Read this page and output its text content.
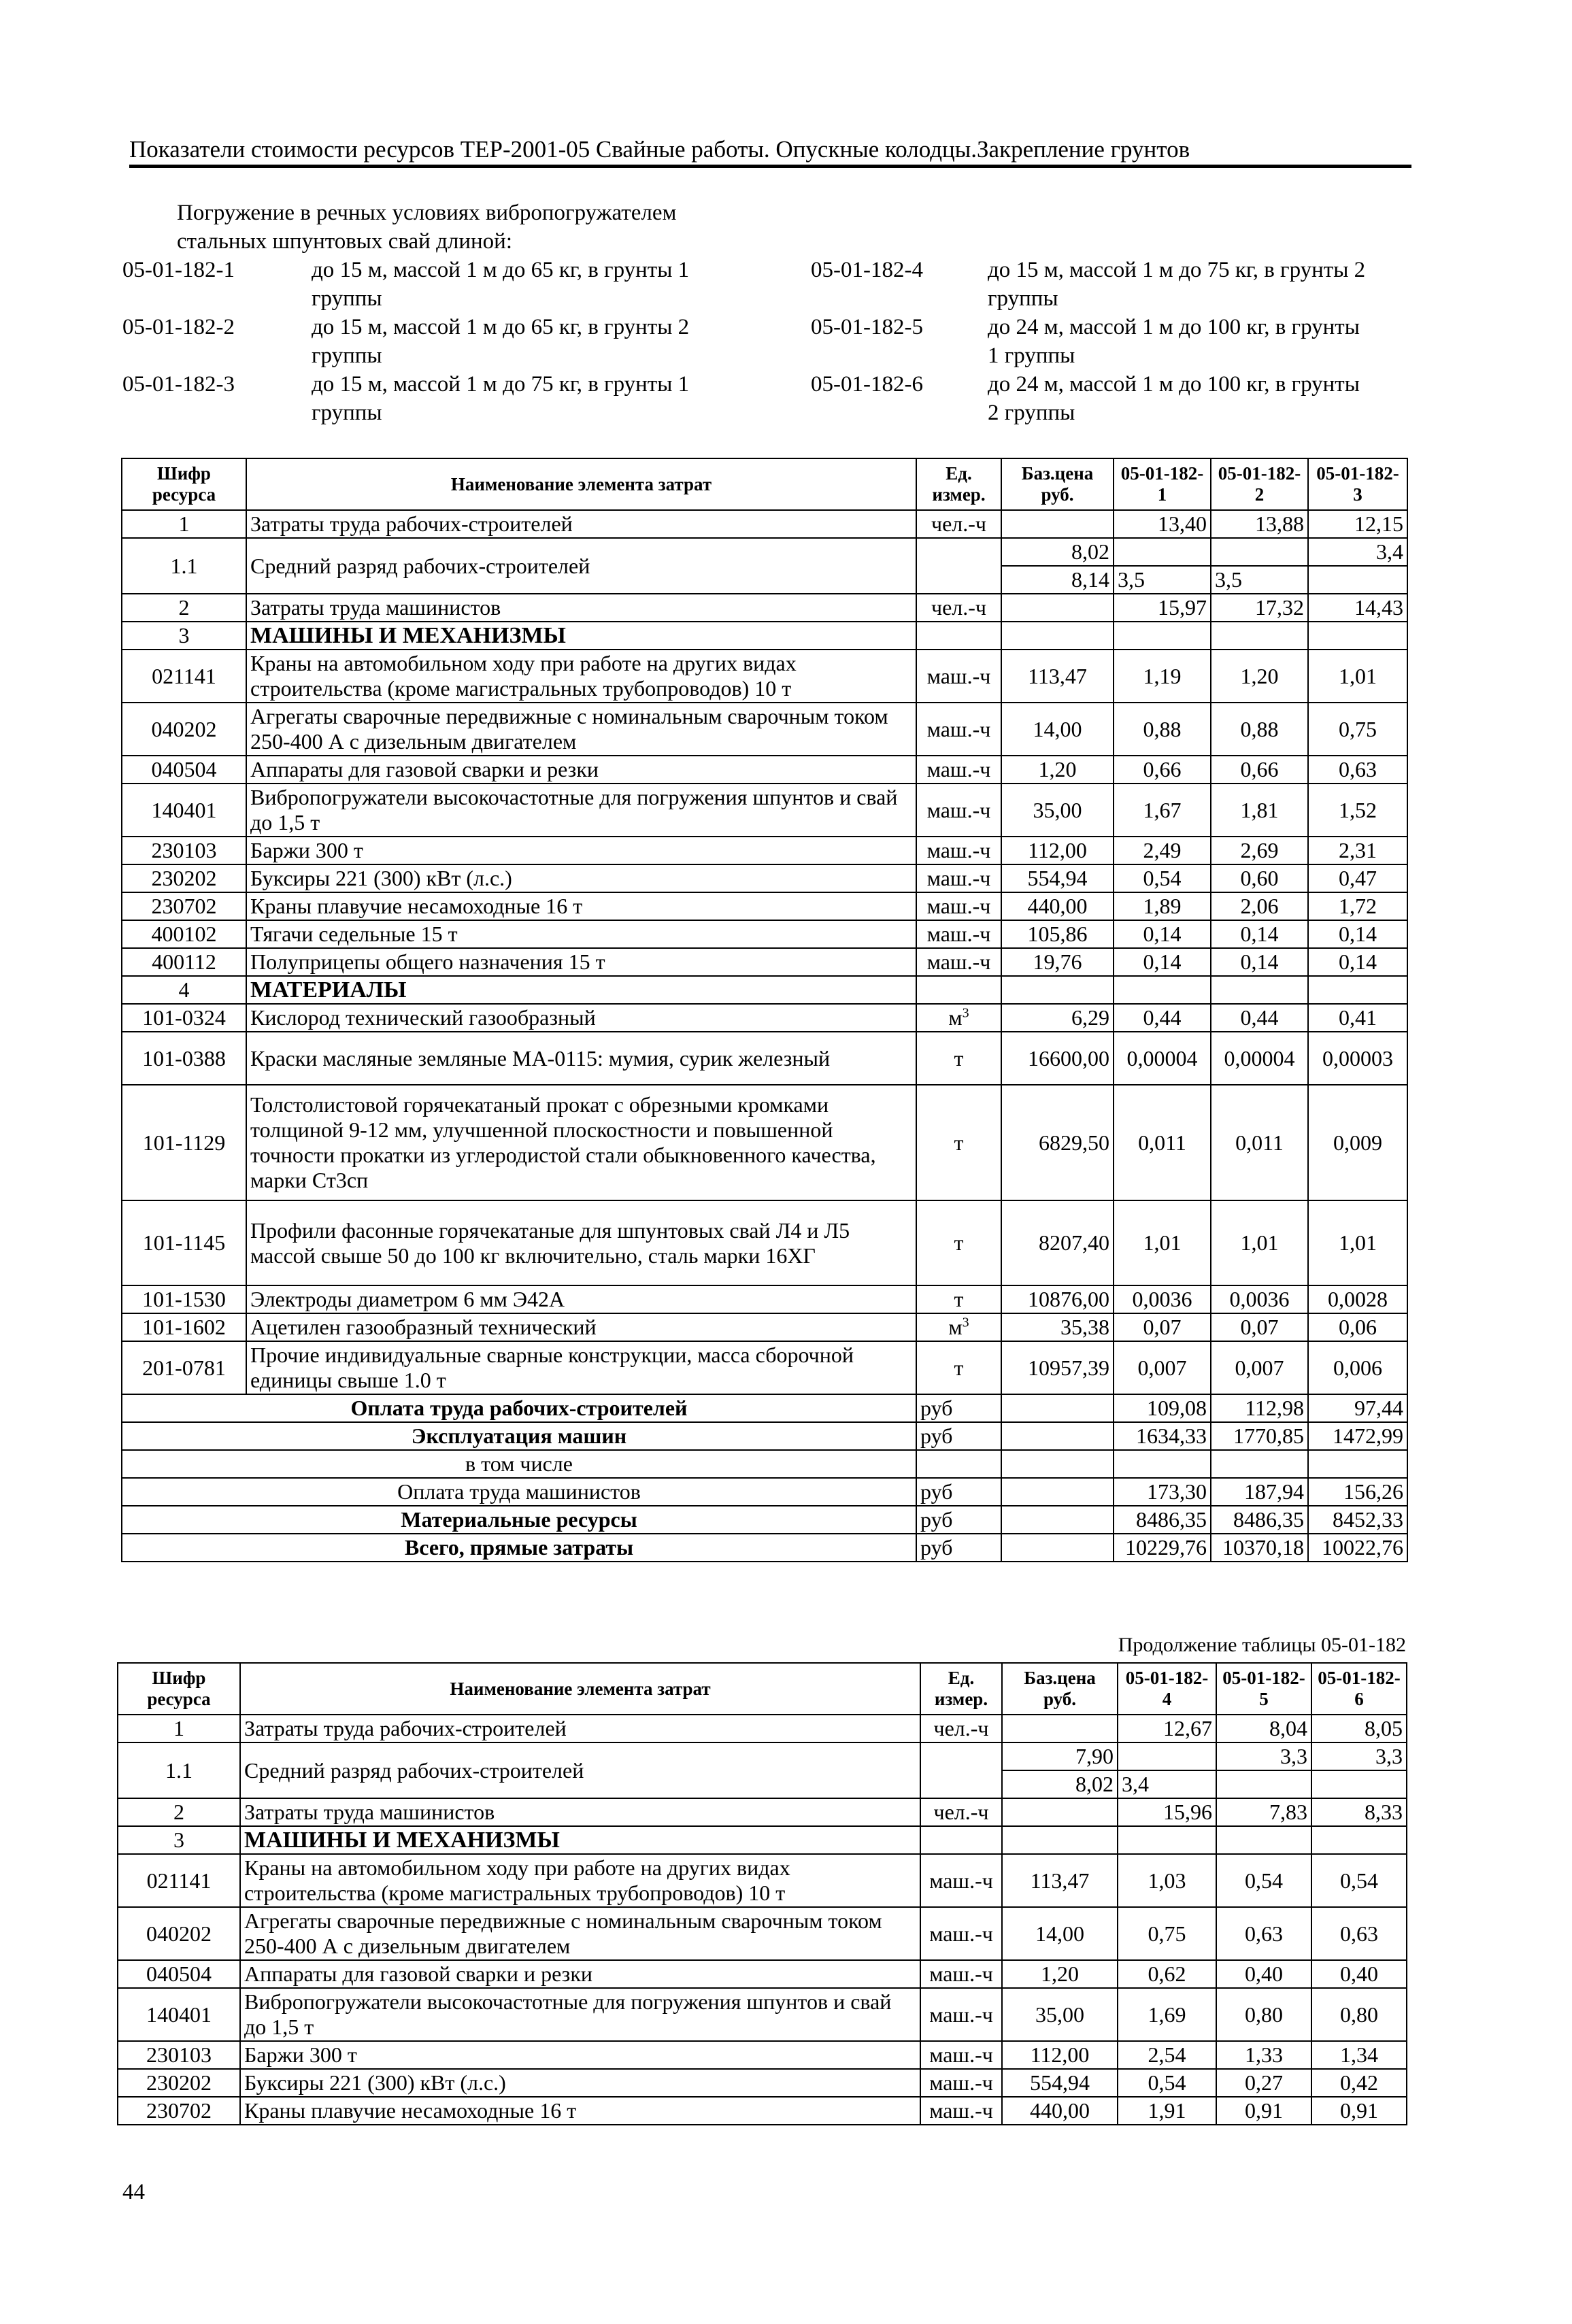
Показатели стоимости ресурсов ТЕР-2001-05 Свайные работы. Опускные колодцы.Закрепление грунтов
Погружение в речных условиях вибропогружателем
стальных шпунтовых свай длиной:
05-01-182-1	до 15 м, массой 1 м до 65 кг, в грунты 1
группы
05-01-182-4	до 15 м, массой 1 м до 75 кг, в грунты 2
группы
05-01-182-2	до 15 м, массой 1 м до 65 кг, в грунты 2
группы
05-01-182-5	до 24 м, массой 1 м до 100 кг, в грунты
1 группы
05-01-182-3	до 15 м, массой 1 м до 75 кг, в грунты 1
группы
05-01-182-6	до 24 м, массой 1 м до 100 кг, в грунты
2 группы
Шифр ресурса	Наименование элемента затрат	Ед. измер.	Баз.цена руб.	05-01-182-1	05-01-182-2	05-01-182-3
1	Затраты труда рабочих-строителей	чел.-ч		13,40	13,88	12,15
1.1	Средний разряд рабочих-строителей		8,02			3,4
			8,14	3,5	3,5	
2	Затраты труда машинистов	чел.-ч		15,97	17,32	14,43
3	МАШИНЫ И МЕХАНИЗМЫ					
021141	Краны на автомобильном ходу при работе на других видах строительства (кроме магистральных трубопроводов) 10 т	маш.-ч	113,47	1,19	1,20	1,01
040202	Агрегаты сварочные передвижные с номинальным сварочным током 250-400 А с дизельным двигателем	маш.-ч	14,00	0,88	0,88	0,75
040504	Аппараты для газовой сварки и резки	маш.-ч	1,20	0,66	0,66	0,63
140401	Вибропогружатели высокочастотные для погружения шпунтов и свай до 1,5 т	маш.-ч	35,00	1,67	1,81	1,52
230103	Баржи 300 т	маш.-ч	112,00	2,49	2,69	2,31
230202	Буксиры 221 (300) кВт (л.с.)	маш.-ч	554,94	0,54	0,60	0,47
230702	Краны плавучие несамоходные 16 т	маш.-ч	440,00	1,89	2,06	1,72
400102	Тягачи седельные 15 т	маш.-ч	105,86	0,14	0,14	0,14
400112	Полуприцепы общего назначения 15 т	маш.-ч	19,76	0,14	0,14	0,14
4	МАТЕРИАЛЫ					
101-0324	Кислород технический газообразный	$м^3$	6,29	0,44	0,44	0,41
101-0388	Краски масляные земляные МА-0115: мумия, сурик железный	т	16600,00	0,00004	0,00004	0,00003
101-1129	Толстолистовой горячекатаный прокат с обрезными кромками толщиной 9-12 мм, улучшенной плоскостности и повышенной точности прокатки из углеродистой стали обыкновенного качества, марки Ст3сп	т	6829,50	0,011	0,011	0,009
101-1145	Профили фасонные горячекатаные для шпунтовых свай Л4 и Л5 массой свыше 50 до 100 кг включительно, сталь марки 16ХГ	т	8207,40	1,01	1,01	1,01
101-1530	Электроды диаметром 6 мм Э42А	т	10876,00	0,0036	0,0036	0,0028
101-1602	Ацетилен газообразный технический	$м^3$	35,38	0,07	0,07	0,06
201-0781	Прочие индивидуальные сварные конструкции, масса сборочной единицы свыше 1.0 т	т	10957,39	0,007	0,007	0,006
Оплата труда рабочих-строителей		руб		109,08	112,98	97,44
Эксплуатация машин		руб		1634,33	1770,85	1472,99
в том числе						
Оплата труда машинистов		руб		173,30	187,94	156,26
Материальные ресурсы		руб		8486,35	8486,35	8452,33
Всего, прямые затраты		руб		10229,76	10370,18	10022,76
Продолжение таблицы 05-01-182
Шифр ресурса	Наименование элемента затрат	Ед. измер.	Баз.цена руб.	05-01-182-4	05-01-182-5	05-01-182-6
1	Затраты труда рабочих-строителей	чел.-ч		12,67	8,04	8,05
1.1	Средний разряд рабочих-строителей		7,90		3,3	3,3
			8,02	3,4		
2	Затраты труда машинистов	чел.-ч		15,96	7,83	8,33
3	МАШИНЫ И МЕХАНИЗМЫ					
021141	Краны на автомобильном ходу при работе на других видах строительства (кроме магистральных трубопроводов) 10 т	маш.-ч	113,47	1,03	0,54	0,54
040202	Агрегаты сварочные передвижные с номинальным сварочным током 250-400 А с дизельным двигателем	маш.-ч	14,00	0,75	0,63	0,63
040504	Аппараты для газовой сварки и резки	маш.-ч	1,20	0,62	0,40	0,40
140401	Вибропогружатели высокочастотные для погружения шпунтов и свай до 1,5 т	маш.-ч	35,00	1,69	0,80	0,80
230103	Баржи 300 т	маш.-ч	112,00	2,54	1,33	1,34
230202	Буксиры 221 (300) кВт (л.с.)	маш.-ч	554,94	0,54	0,27	0,42
230702	Краны плавучие несамоходные 16 т	маш.-ч	440,00	1,91	0,91	0,91
44
